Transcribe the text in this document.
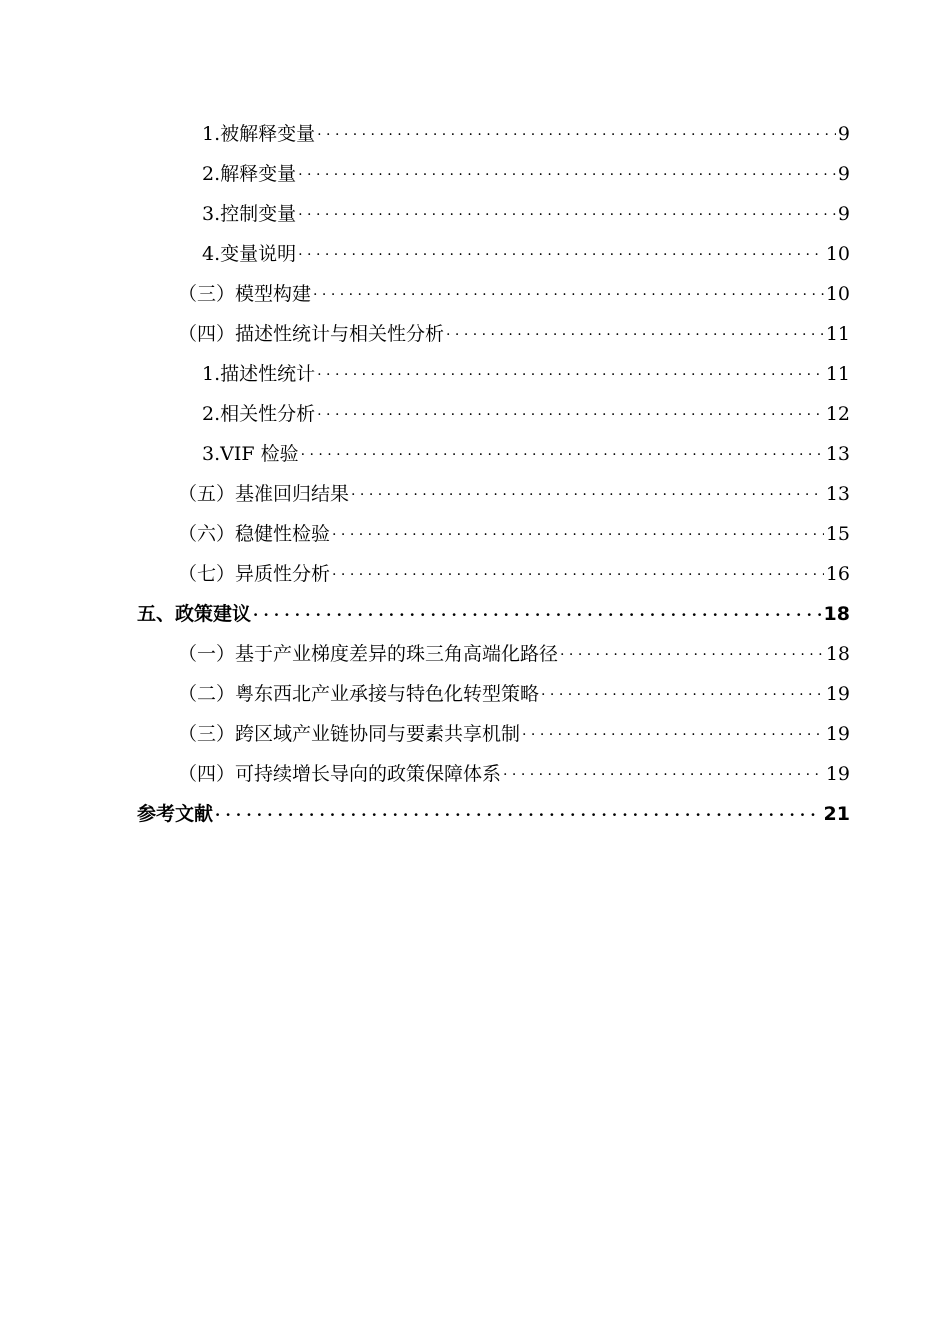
1.被解释变量 . . .	9
2.解释变量 . . .	9
3.控制变量 . . .	9
4.变量说明 . . .	10
（三）模型构建 . . .	10
（四）描述性统计与相关性分析 . . .	11
1.描述性统计 . . .	11
2.相关性分析 . . .	12
3.VIF 检验 . . .	13
（五）基准回归结果 . . .	13
（六）稳健性检验 . . .	15
（七）异质性分析 . . .	16
五、政策建议 . . .	18
（一）基于产业梯度差异的珠三角高端化路径 . . .	18
（二）粤东西北产业承接与特色化转型策略 . . .	19
（三）跨区域产业链协同与要素共享机制 . . .	19
（四）可持续增长导向的政策保障体系 . . .	19
参考文献 . . .	21
